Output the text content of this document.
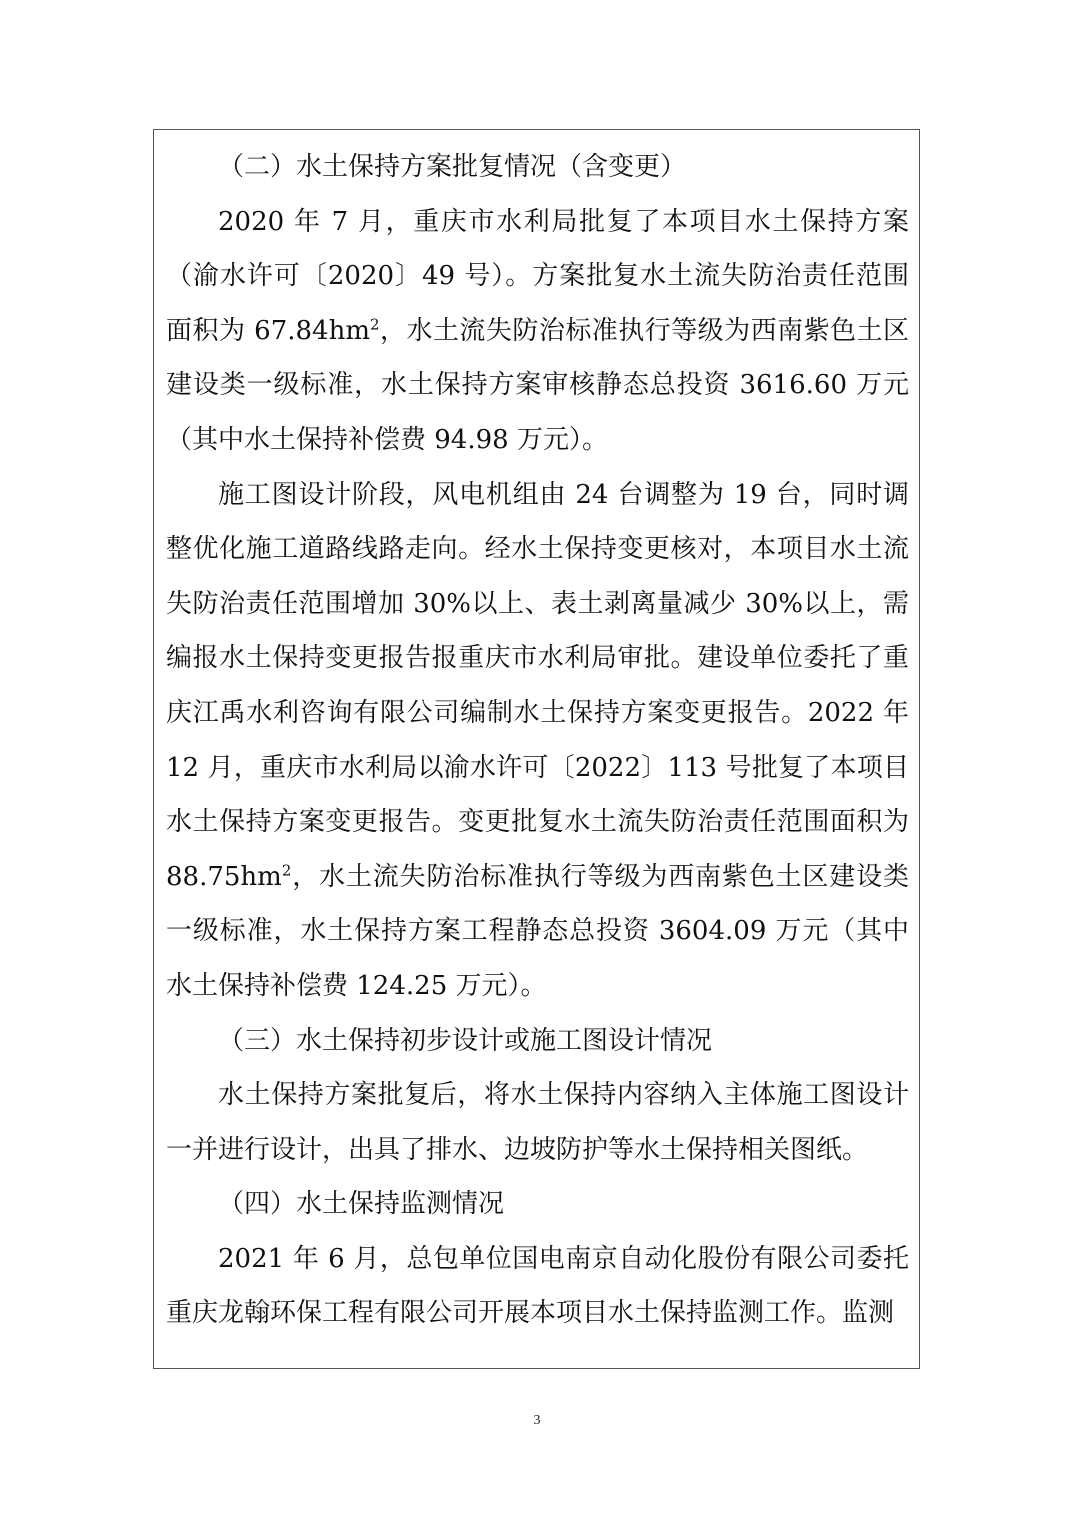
（二）水土保持方案批复情况（含变更）

2020 年 7 月，重庆市水利局批复了本项目水土保持方案（渝水许可〔2020〕49 号）。方案批复水土流失防治责任范围面积为 $67.84hm^2$，水土流失防治标准执行等级为西南紫色土区建设类一级标准，水土保持方案审核静态总投资 3616.60 万元（其中水土保持补偿费 94.98 万元）。

施工图设计阶段，风电机组由 24 台调整为 19 台，同时调整优化施工道路线路走向。经水土保持变更核对，本项目水土流失防治责任范围增加 30%以上、表土剥离量减少 30%以上，需编报水土保持变更报告报重庆市水利局审批。建设单位委托了重庆江禹水利咨询有限公司编制水土保持方案变更报告。2022 年 12 月，重庆市水利局以渝水许可〔2022〕113 号批复了本项目水土保持方案变更报告。变更批复水土流失防治责任范围面积为 $88.75hm^2$，水土流失防治标准执行等级为西南紫色土区建设类一级标准，水土保持方案工程静态总投资 3604.09 万元（其中水土保持补偿费 124.25 万元）。

（三）水土保持初步设计或施工图设计情况

水土保持方案批复后，将水土保持内容纳入主体施工图设计一并进行设计，出具了排水、边坡防护等水土保持相关图纸。

（四）水土保持监测情况

2021 年 6 月，总包单位国电南京自动化股份有限公司委托重庆龙翰环保工程有限公司开展本项目水土保持监测工作。监测

3
